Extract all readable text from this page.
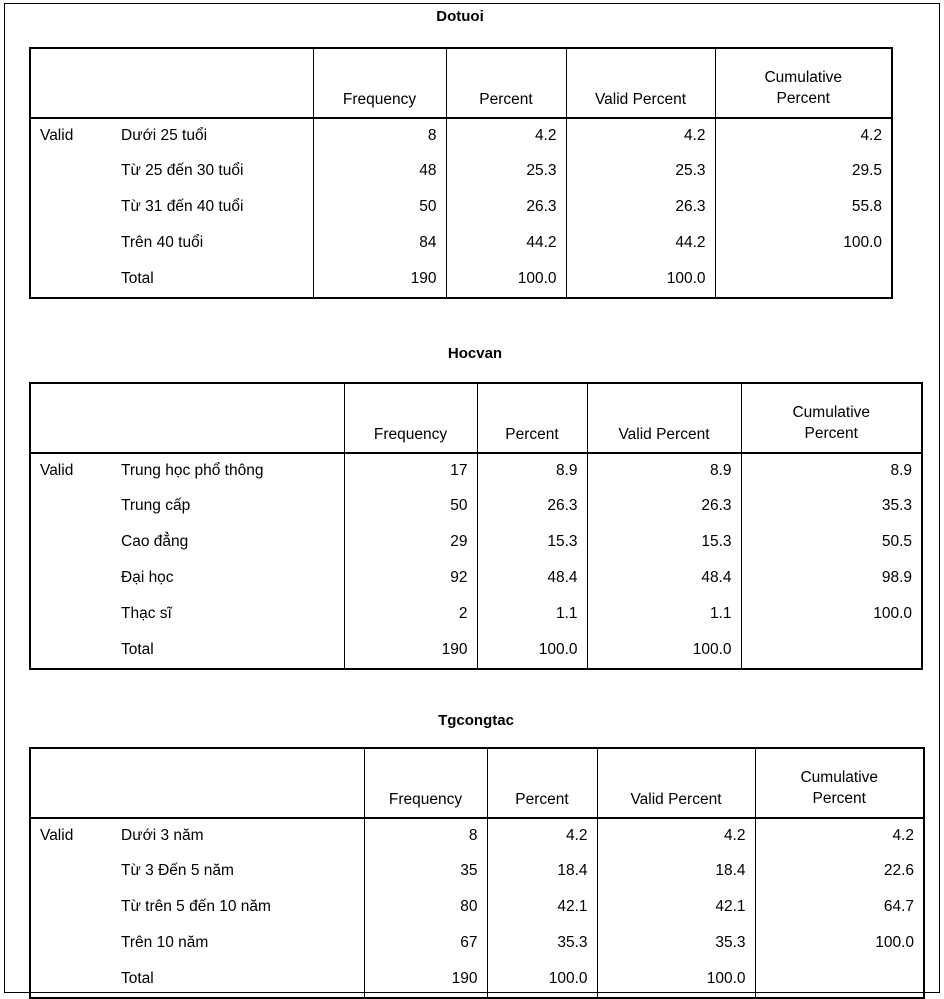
Dotuoi
		Frequency	Percent	Valid Percent	Cumulative Percent

Valid	Dưới 25 tuổi	8	4.2	4.2	4.2
	Từ 25 đến 30 tuổi	48	25.3	25.3	29.5
	Từ 31 đến 40 tuổi	50	26.3	26.3	55.8
	Trên 40 tuổi	84	44.2	44.2	100.0
	Total	190	100.0	100.0	
Hocvan
		Frequency	Percent	Valid Percent	Cumulative Percent

Valid	Trung học phổ thông	17	8.9	8.9	8.9
	Trung cấp	50	26.3	26.3	35.3
	Cao đẳng	29	15.3	15.3	50.5
	Đại học	92	48.4	48.4	98.9
	Thạc sĩ	2	1.1	1.1	100.0
	Total	190	100.0	100.0	
Tgcongtac
		Frequency	Percent	Valid Percent	Cumulative Percent

Valid	Dưới 3 năm	8	4.2	4.2	4.2
	Từ 3 Đến 5 năm	35	18.4	18.4	22.6
	Từ trên 5 đến 10 năm	80	42.1	42.1	64.7
	Trên 10 năm	67	35.3	35.3	100.0
	Total	190	100.0	100.0	
